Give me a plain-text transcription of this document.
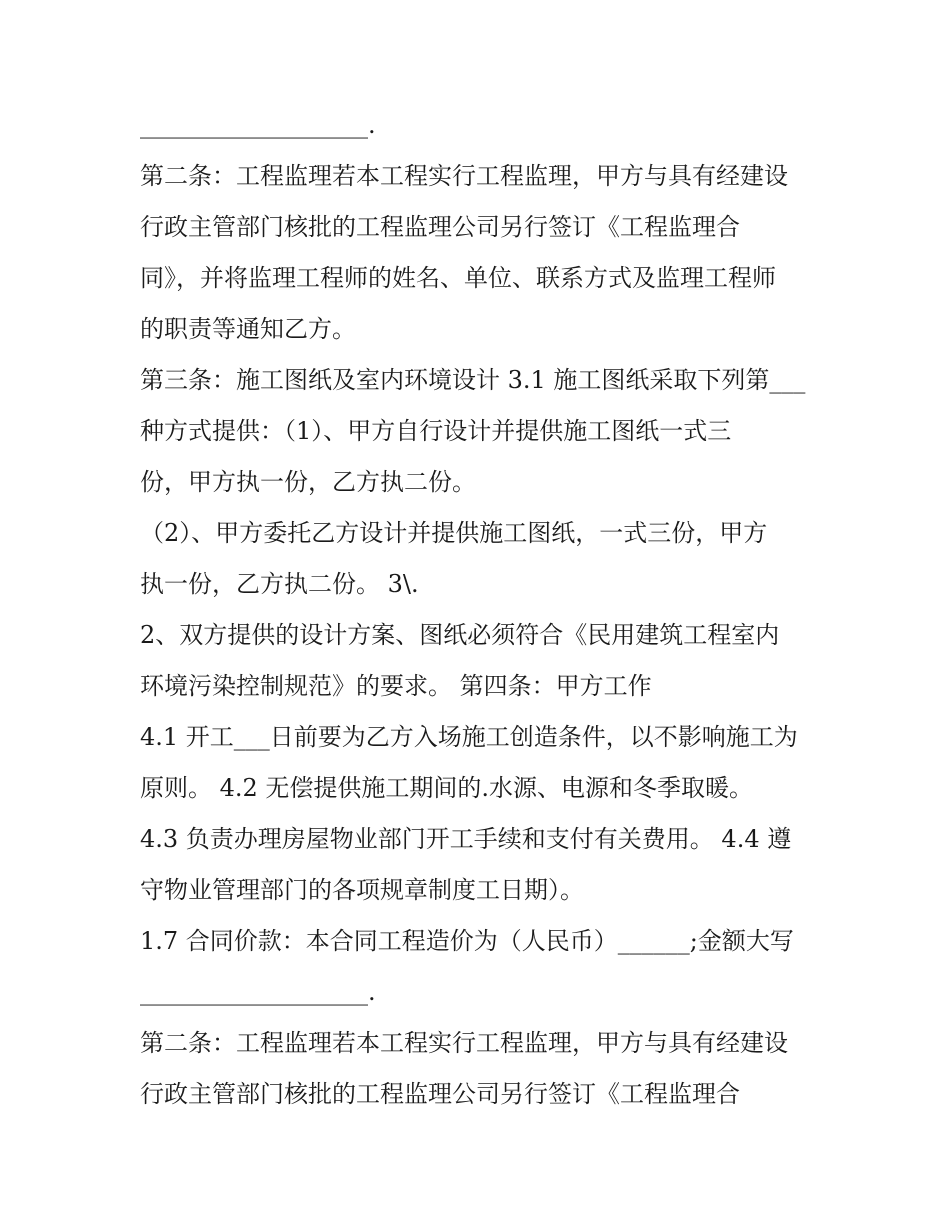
___________________.
第二条：工程监理若本工程实行工程监理，甲方与具有经建设
行政主管部门核批的工程监理公司另行签订《工程监理合
同》，并将监理工程师的姓名、单位、联系方式及监理工程师
的职责等通知乙方。
第三条：施工图纸及室内环境设计 3.1 施工图纸采取下列第___
种方式提供：（1）、甲方自行设计并提供施工图纸一式三
份，甲方执一份，乙方执二份。
（2）、甲方委托乙方设计并提供施工图纸，一式三份，甲方
执一份，乙方执二份。 3\.
2、双方提供的设计方案、图纸必须符合《民用建筑工程室内
环境污染控制规范》的要求。 第四条：甲方工作
4.1 开工___日前要为乙方入场施工创造条件，以不影响施工为
原则。 4.2 无偿提供施工期间的.水源、电源和冬季取暖。
4.3 负责办理房屋物业部门开工手续和支付有关费用。 4.4 遵
守物业管理部门的各项规章制度工日期）。
1.7 合同价款：本合同工程造价为（人民币）______;金额大写
___________________.
第二条：工程监理若本工程实行工程监理，甲方与具有经建设
行政主管部门核批的工程监理公司另行签订《工程监理合
